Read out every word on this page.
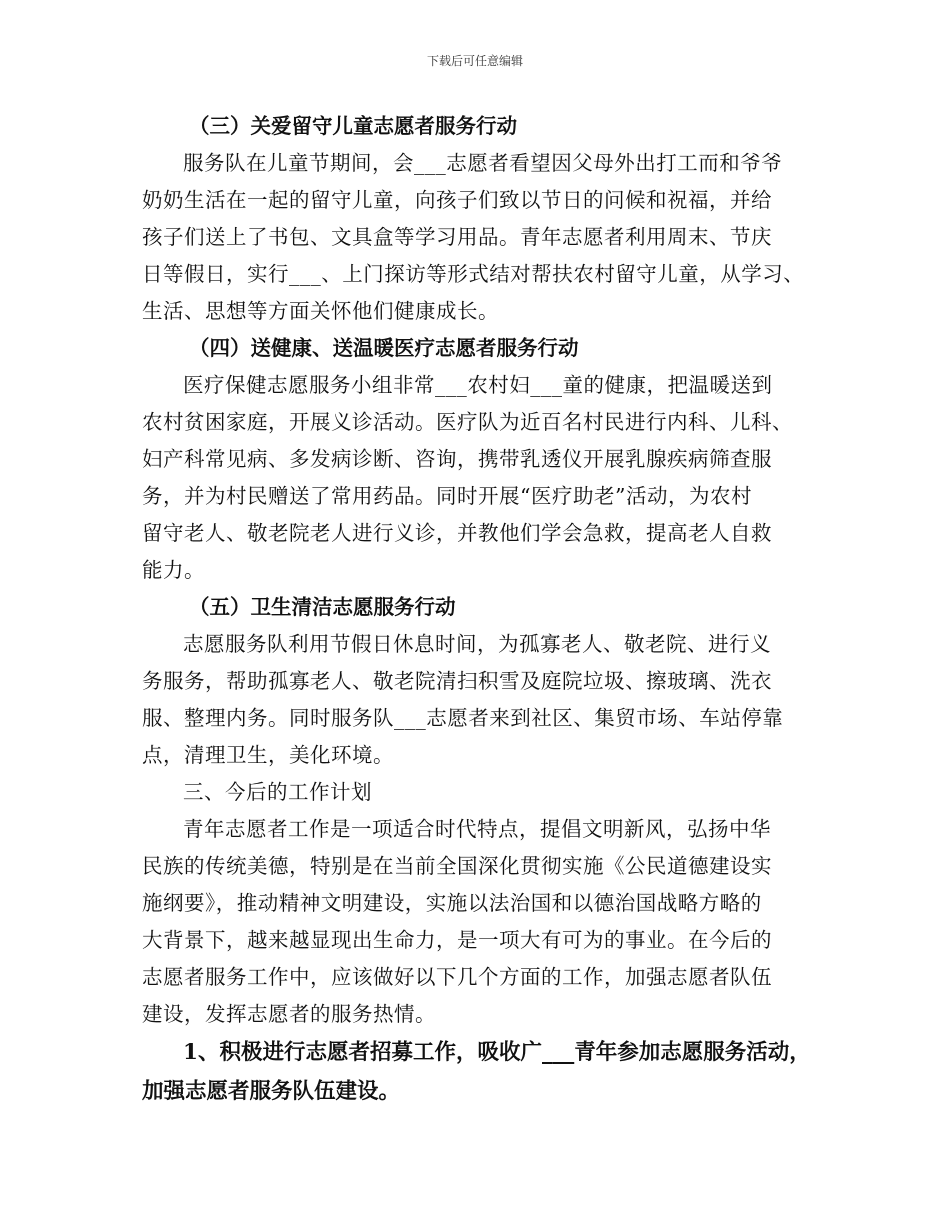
下载后可任意编辑
（三）关爱留守儿童志愿者服务行动
服务队在儿童节期间，会___志愿者看望因父母外出打工而和爷爷
奶奶生活在一起的留守儿童，向孩子们致以节日的问候和祝福，并给
孩子们送上了书包、文具盒等学习用品。青年志愿者利用周末、节庆
日等假日，实行___、上门探访等形式结对帮扶农村留守儿童，从学习、
生活、思想等方面关怀他们健康成长。
（四）送健康、送温暖医疗志愿者服务行动
医疗保健志愿服务小组非常___农村妇___童的健康，把温暖送到
农村贫困家庭，开展义诊活动。医疗队为近百名村民进行内科、儿科、
妇产科常见病、多发病诊断、咨询，携带乳透仪开展乳腺疾病筛查服
务，并为村民赠送了常用药品。同时开展“医疗助老”活动，为农村
留守老人、敬老院老人进行义诊，并教他们学会急救，提高老人自救
能力。
（五）卫生清洁志愿服务行动
志愿服务队利用节假日休息时间，为孤寡老人、敬老院、进行义
务服务，帮助孤寡老人、敬老院清扫积雪及庭院垃圾、擦玻璃、洗衣
服、整理内务。同时服务队___志愿者来到社区、集贸市场、车站停靠
点，清理卫生，美化环境。
三、今后的工作计划
青年志愿者工作是一项适合时代特点，提倡文明新风，弘扬中华
民族的传统美德，特别是在当前全国深化贯彻实施《公民道德建设实
施纲要》，推动精神文明建设，实施以法治国和以德治国战略方略的
大背景下，越来越显现出生命力，是一项大有可为的事业。在今后的
志愿者服务工作中，应该做好以下几个方面的工作，加强志愿者队伍
建设，发挥志愿者的服务热情。
1、积极进行志愿者招募工作，吸收广___青年参加志愿服务活动，
加强志愿者服务队伍建设。
